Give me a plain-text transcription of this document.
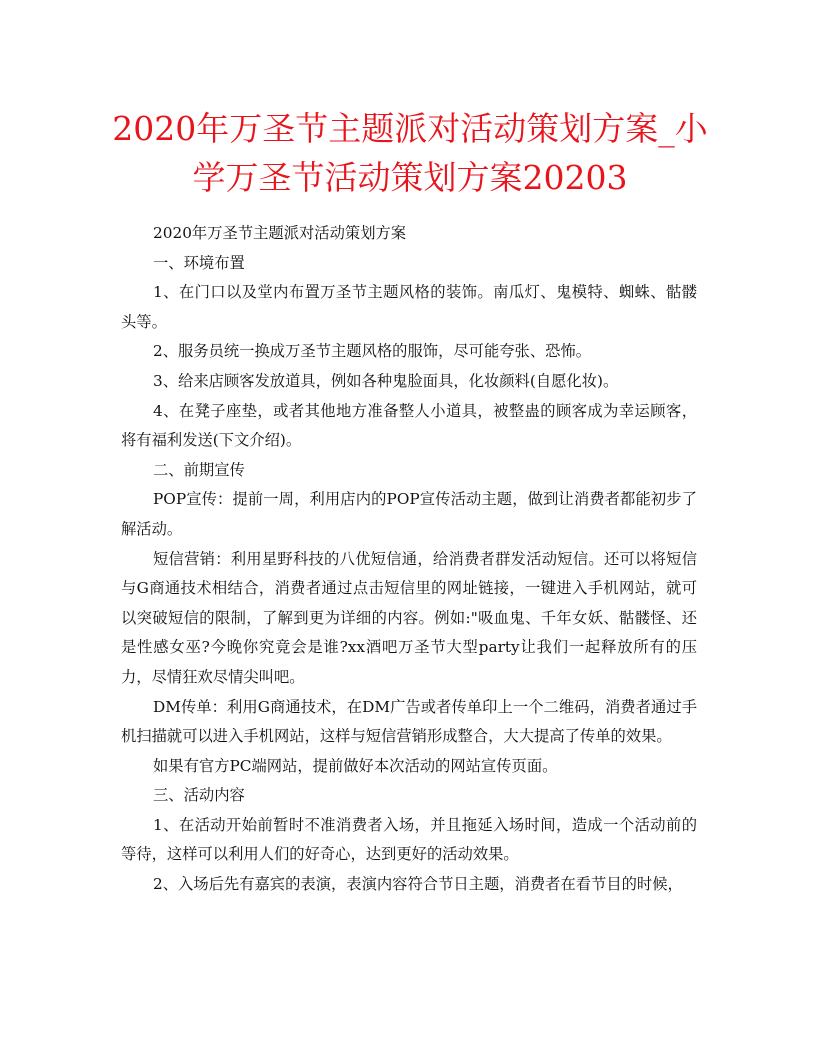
2020年万圣节主题派对活动策划方案_小学万圣节活动策划方案20203

2020年万圣节主题派对活动策划方案

一、环境布置

1、在门口以及堂内布置万圣节主题风格的装饰。南瓜灯、鬼模特、蜘蛛、骷髅头等。

2、服务员统一换成万圣节主题风格的服饰，尽可能夸张、恐怖。

3、给来店顾客发放道具，例如各种鬼脸面具，化妆颜料(自愿化妆)。

4、在凳子座垫，或者其他地方准备整人小道具，被整蛊的顾客成为幸运顾客，将有福利发送(下文介绍)。

二、前期宣传

POP宣传：提前一周，利用店内的POP宣传活动主题，做到让消费者都能初步了解活动。

短信营销：利用星野科技的八优短信通，给消费者群发活动短信。还可以将短信与G商通技术相结合，消费者通过点击短信里的网址链接，一键进入手机网站，就可以突破短信的限制，了解到更为详细的内容。例如:"吸血鬼、千年女妖、骷髅怪、还是性感女巫?今晚你究竟会是谁?xx酒吧万圣节大型party让我们一起释放所有的压力，尽情狂欢尽情尖叫吧。

DM传单：利用G商通技术，在DM广告或者传单印上一个二维码，消费者通过手机扫描就可以进入手机网站，这样与短信营销形成整合，大大提高了传单的效果。

如果有官方PC端网站，提前做好本次活动的网站宣传页面。

三、活动内容

1、在活动开始前暂时不准消费者入场，并且拖延入场时间，造成一个活动前的等待，这样可以利用人们的好奇心，达到更好的活动效果。

2、入场后先有嘉宾的表演，表演内容符合节日主题，消费者在看节目的时候，
